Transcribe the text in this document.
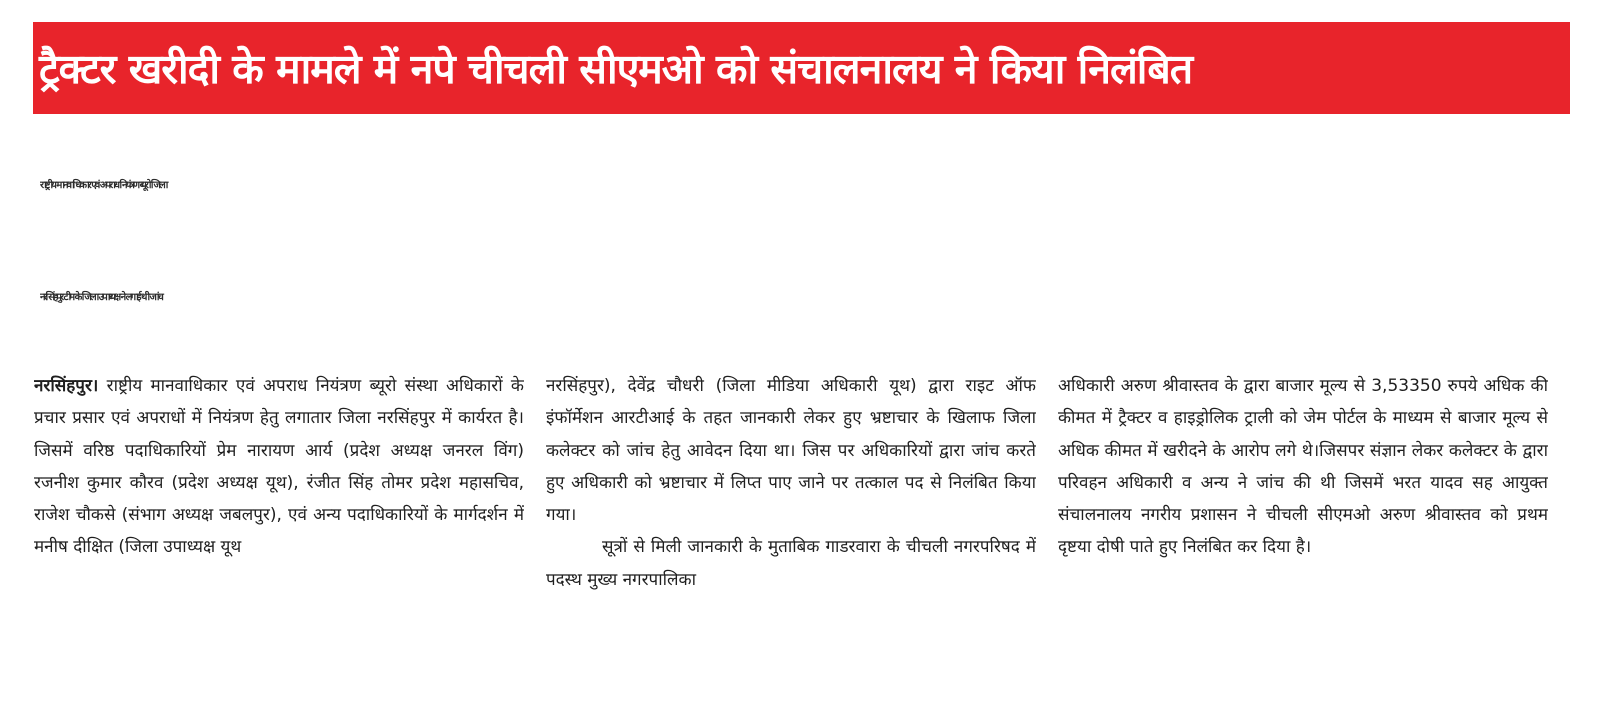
ट्रैक्टर खरीदी के मामले में नपे चीचली सीएमओ को संचालनालय ने किया निलंबित
राष्ट्रीय मानवाधिकार एवं अपराध नियंत्रण ब्यूरो जिला
नरसिंहपुर टीम के जिला उपाध्यक्ष ने लगाई थी जांच

नरसिंहपुर। राष्ट्रीय मानवाधिकार एवं अपराध नियंत्रण ब्यूरो संस्था अधिकारों के प्रचार प्रसार एवं अपराधों में नियंत्रण हेतु लगातार जिला नरसिंहपुर में कार्यरत है। जिसमें वरिष्ठ पदाधिकारियों प्रेम नारायण आर्य (प्रदेश अध्यक्ष जनरल विंग) रजनीश कुमार कौरव (प्रदेश अध्यक्ष यूथ), रंजीत सिंह तोमर प्रदेश महासचिव, राजेश चौकसे (संभाग अध्यक्ष जबलपुर), एवं अन्य पदाधिकारियों के मार्गदर्शन में मनीष दीक्षित (जिला उपाध्यक्ष यूथ

नरसिंहपुर), देवेंद्र चौधरी (जिला मीडिया अधिकारी यूथ) द्वारा राइट ऑफ इंफॉर्मेशन आरटीआई के तहत जानकारी लेकर हुए भ्रष्टाचार के खिलाफ जिला कलेक्टर को जांच हेतु आवेदन दिया था। जिस पर अधिकारियों द्वारा जांच करते हुए अधिकारी को भ्रष्टाचार में लिप्त पाए जाने पर तत्काल पद से निलंबित किया गया।

सूत्रों से मिली जानकारी के मुताबिक गाडरवारा के चीचली नगरपरिषद में पदस्थ मुख्य नगरपालिका

अधिकारी अरुण श्रीवास्तव के द्वारा बाजार मूल्य से 3,53350 रुपये अधिक की कीमत में ट्रैक्टर व हाइड्रोलिक ट्राली को जेम पोर्टल के माध्यम से बाजार मूल्य से अधिक कीमत में खरीदने के आरोप लगे थे।जिसपर संज्ञान लेकर कलेक्टर के द्वारा परिवहन अधिकारी व अन्य ने जांच की थी जिसमें भरत यादव सह आयुक्त संचालनालय नगरीय प्रशासन ने चीचली सीएमओ अरुण श्रीवास्तव को प्रथम दृष्टया दोषी पाते हुए निलंबित कर दिया है।
